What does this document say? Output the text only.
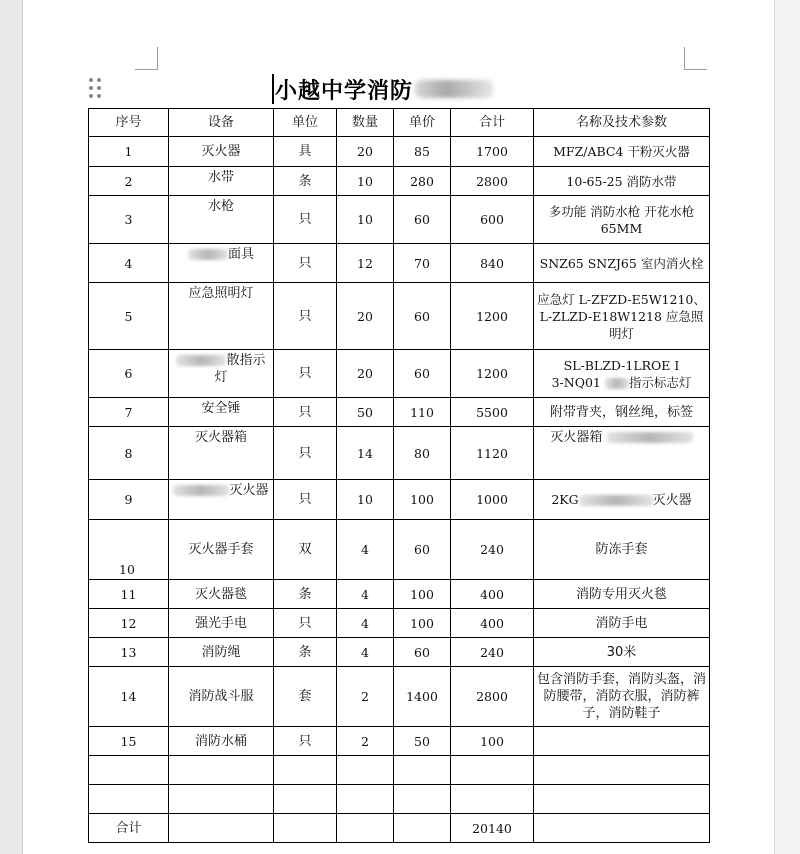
小越中学消防
序号	设备	单位	数量	单价	合计	名称及技术参数
1	灭火器	具	20	85	1700	MFZ/ABC4 干粉灭火器
2	水带	条	10	280	2800	10-65-25 消防水带
3	水枪	只	10	60	600	多功能 消防水枪 开花水枪65MM
4	面具	只	12	70	840	SNZ65 SNZJ65 室内消火栓
5	应急照明灯	只	20	60	1200	应急灯 L-ZFZD-E5W1210、L-ZLZD-E18W1218 应急照明灯
6	散指示灯	只	20	60	1200	SL-BLZD-1LROE I
3-NQ01 指示标志灯
7	安全锤	只	50	110	5500	附带背夹，钢丝绳，标签
8	灭火器箱	只	14	80	1120	灭火器箱
9	灭火器	只	10	100	1000	2KG 灭火器
10	灭火器手套	双	4	60	240	防冻手套
11	灭火器毯	条	4	100	400	消防专用灭火毯
12	强光手电	只	4	100	400	消防手电
13	消防绳	条	4	60	240	30米
14	消防战斗服	套	2	1400	2800	包含消防手套，消防头盔，消防腰带，消防衣服，消防裤子，消防鞋子
15	消防水桶	只	2	50	100	

合计					20140	
